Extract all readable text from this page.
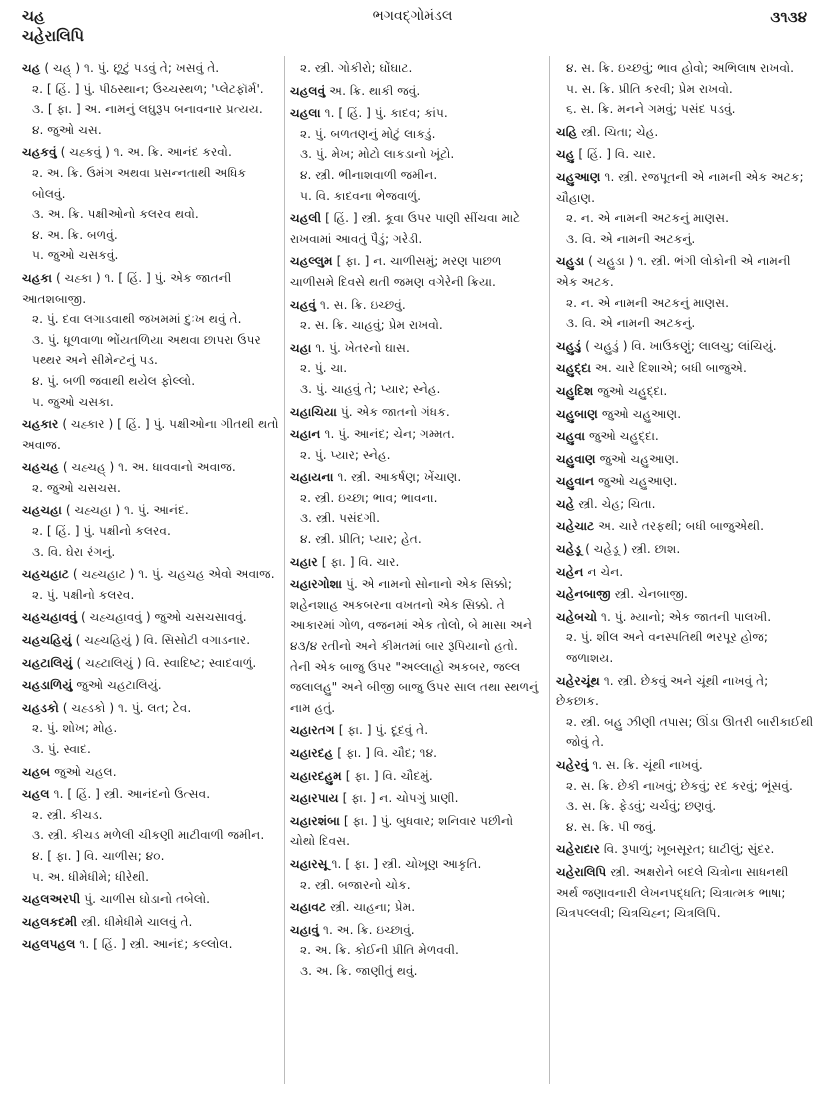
ચહ
ચહેરાલિપિ
ભગવદ્ગોમંડલ	૩૧૩૪
ચહ ( ચહ્ ) ૧. પું. છૂટું પડવું તે; ખસવું તે.
૨. [ હિં. ] પું. પીઠસ્થાન; ઉચ્ચસ્થળ; 'પ્લેટફૉર્મ'.
૩. [ ફા. ] અ. નામનું લઘુરૂપ બનાવનાર પ્રત્યય.
૪. જુઓ ચસ.
ચહકવું ( ચહ્કવું ) ૧. અ. ક્રિ. આનંદ કરવો.
૨. અ. ક્રિ. ઉમંગ અથવા પ્રસન્નતાથી અધિક બોલવું.
૩. અ. ક્રિ. પક્ષીઓનો કલરવ થવો.
૪. અ. ક્રિ. બળવું.
૫. જુઓ ચસકવું.
ચહકા ( ચહ્કા ) ૧. [ હિં. ] પું. એક જાતની આતશબાજી.
૨. પું. દવા લગાડવાથી જખમમાં દુઃખ થવું તે.
૩. પું. ધૂળવાળા ભોંયતળિયા અથવા છાપરા ઉપર પથ્થર અને સીમેન્ટનું પડ.
૪. પું. બળી જવાથી થયેલ ફોલ્લો.
૫. જુઓ ચસકા.
ચહકાર ( ચહ્કાર ) [ હિં. ] પું. પક્ષીઓના ગીતથી થતો અવાજ.
ચહચહ ( ચહ્ચહ્ ) ૧. અ. ધાવવાનો અવાજ.
૨. જુઓ ચસચસ.
ચહચહા ( ચહ્ચહા ) ૧. પું. આનંદ.
૨. [ હિં. ] પું. પક્ષીનો કલરવ.
૩. વિ. ઘેરા રંગનું.
ચહચહાટ ( ચહ્ચહાટ ) ૧. પું. ચહચહ એવો અવાજ.
૨. પું. પક્ષીનો કલરવ.
ચહચહાવવું ( ચહ્ચહાવવું ) જુઓ ચસચસાવવું.
ચહચહિયું ( ચહ્ચહિયું ) વિ. સિસોટી વગાડનાર.
ચહટાલિયું ( ચહ્ટાલિયું ) વિ. સ્વાદિષ્ટ; સ્વાદવાળું.
ચહડાળિયું જુઓ ચહટાલિયું.
ચહડકો ( ચહ્ડકો ) ૧. પું. લત; ટેવ.
૨. પું. શોખ; મોહ.
૩. પું. સ્વાદ.
ચહબ જુઓ ચહલ.
ચહલ ૧. [ હિં. ] સ્ત્રી. આનંદનો ઉત્સવ.
૨. સ્ત્રી. કીચડ.
૩. સ્ત્રી. કીચડ મળેલી ચીકણી માટીવાળી જમીન.
૪. [ ફા. ] વિ. ચાળીસ; ૪૦.
૫. અ. ધીમેધીમે; ધીરેથી.
ચહલઅરપી પું. ચાળીસ ઘોડાનો તબેલો.
ચહલકદમી સ્ત્રી. ધીમેધીમે ચાલવું તે.
ચહલપહલ ૧. [ હિં. ] સ્ત્રી. આનંદ; કલ્લોલ.
૨. સ્ત્રી. ગોકીરો; ઘોંઘાટ.
ચહલવું અ. ક્રિ. થાકી જવું.
ચહલા ૧. [ હિં. ] પું. કાદવ; કાંપ.
૨. પું. બળતણનું મોટું લાકડું.
૩. પું. મેખ; મોટો લાકડાનો ખૂંટો.
૪. સ્ત્રી. ભીનાશવાળી જમીન.
૫. વિ. કાદવના ભેજવાળું.
ચહલી [ હિં. ] સ્ત્રી. કૂવા ઉપર પાણી સીંચવા માટે રાખવામાં આવતું પૈડું; ગરેડી.
ચહલ્લુમ [ ફા. ] ન. ચાળીસમું; મરણ પાછળ ચાળીસમે દિવસે થતી જમણ વગેરેની ક્રિયા.
ચહવું ૧. સ. ક્રિ. ઇચ્છવું.
૨. સ. ક્રિ. ચાહવું; પ્રેમ રાખવો.
ચહા ૧. પું. ખેતરનો ઘાસ.
૨. પું. ચા.
૩. પું. ચાહવું તે; પ્યાર; સ્નેહ.
ચહાચિયા પું. એક જાતનો ગંધક.
ચહાન ૧. પું. આનંદ; ચેન; ગમ્મત.
૨. પું. પ્યાર; સ્નેહ.
ચહાયના ૧. સ્ત્રી. આકર્ષણ; ખેંચાણ.
૨. સ્ત્રી. ઇચ્છા; ભાવ; ભાવના.
૩. સ્ત્રી. પસંદગી.
૪. સ્ત્રી. પ્રીતિ; પ્યાર; હેત.
ચહાર [ ફા. ] વિ. ચાર.
ચહારગોશા પું. એ નામનો સોનાનો એક સિક્કો; શહેનશાહ અકબરના વખતનો એક સિક્કો. તે આકારમાં ગોળ, વજનમાં એક તોલો, બે માસા અને ૪૩/૪ રતીનો અને કીમતમાં બાર રૂપિયાનો હતો. તેની એક બાજુ ઉપર "અલ્લાહો અકબર, જલ્લ જલાલહુ" અને બીજી બાજુ ઉપર સાલ તથા સ્થળનું નામ હતું.
ચહારતગ [ ફા. ] પું. દૂદવું તે.
ચહારદહ [ ફા. ] વિ. ચૌદ; ૧૪.
ચહારદહુમ [ ફા. ] વિ. ચૌદમું.
ચહારપાય [ ફા. ] ન. ચોપગું પ્રાણી.
ચહારશંબા [ ફા. ] પું. બુધવાર; શનિવાર પછીનો ચોથો દિવસ.
ચહારસૂ ૧. [ ફા. ] સ્ત્રી. ચોખૂણ આકૃતિ.
૨. સ્ત્રી. બજારનો ચોક.
ચહાવટ સ્ત્રી. ચાહના; પ્રેમ.
ચહાવું ૧. અ. ક્રિ. ઇચ્છાવું.
૨. અ. ક્રિ. કોઈની પ્રીતિ મેળવવી.
૩. અ. ક્રિ. જાણીતું થવું.
૪. સ. ક્રિ. ઇચ્છવું; ભાવ હોવો; અભિલાષ રાખવો.
૫. સ. ક્રિ. પ્રીતિ કરવી; પ્રેમ રાખવો.
૬. સ. ક્રિ. મનને ગમવું; પસંદ પડવું.
ચહિ સ્ત્રી. ચિતા; ચેહ.
ચહુ [ હિં. ] વિ. ચાર.
ચહુઆણ ૧. સ્ત્રી. રજપૂતની એ નામની એક અટક; ચૌહાણ.
૨. ન. એ નામની અટકનું માણસ.
૩. વિ. એ નામની અટકનું.
ચહુડા ( ચહુડા ) ૧. સ્ત્રી. ભંગી લોકોની એ નામની એક અટક.
૨. ન. એ નામની અટકનું માણસ.
૩. વિ. એ નામની અટકનું.
ચહુડું ( ચહુડું ) વિ. ખાઉકણું; લાલચુ; લાંચિયું.
ચહુદ્દા અ. ચારે દિશાએ; બધી બાજુએ.
ચહુદિશ જુઓ ચહુદ્દા.
ચહુબાણ જુઓ ચહુઆણ.
ચહુવા જુઓ ચહુદ્દા.
ચહુવાણ જુઓ ચહુઆણ.
ચહુવાન જુઓ ચહુઆણ.
ચહે સ્ત્રી. ચેહ; ચિતા.
ચહેચાટ અ. ચારે તરફથી; બધી બાજુએથી.
ચહેડૂ ( ચહેડૂ ) સ્ત્રી. છાશ.
ચહેન ન ચેન.
ચહેનબાજી સ્ત્રી. ચેનબાજી.
ચહેબચો ૧. પું. મ્યાનો; એક જાતની પાલખી.
૨. પું. શીલ અને વનસ્પતિથી ભરપૂર હોજ; જળાશય.
ચહેરચૂંથ ૧. સ્ત્રી. છેકવું અને ચૂંથી નાખવું તે; છેકછાક.
૨. સ્ત્રી. બહુ ઝીણી તપાસ; ઊંડા ઊતરી બારીકાઈથી જોવું તે.
ચહેરવું ૧. સ. ક્રિ. ચૂંથી નાખવું.
૨. સ. ક્રિ. છેકી નાખવું; છેકવું; રદ કરવું; ભૂંસવું.
૩. સ. ક્રિ. ફેડવું; ચર્ચવું; છણવું.
૪. સ. ક્રિ. પી જવું.
ચહેરાદાર વિ. રૂપાળું; ખૂબસૂરત; ઘાટીલું; સુંદર.
ચહેરાલિપિ સ્ત્રી. અક્ષરોને બદલે ચિત્રોના સાધનથી અર્થ જણાવનારી લેખનપદ્ધતિ; ચિત્રાત્મક ભાષા; ચિત્રપલ્લવી; ચિત્રચિહ્ન; ચિત્રલિપિ.
